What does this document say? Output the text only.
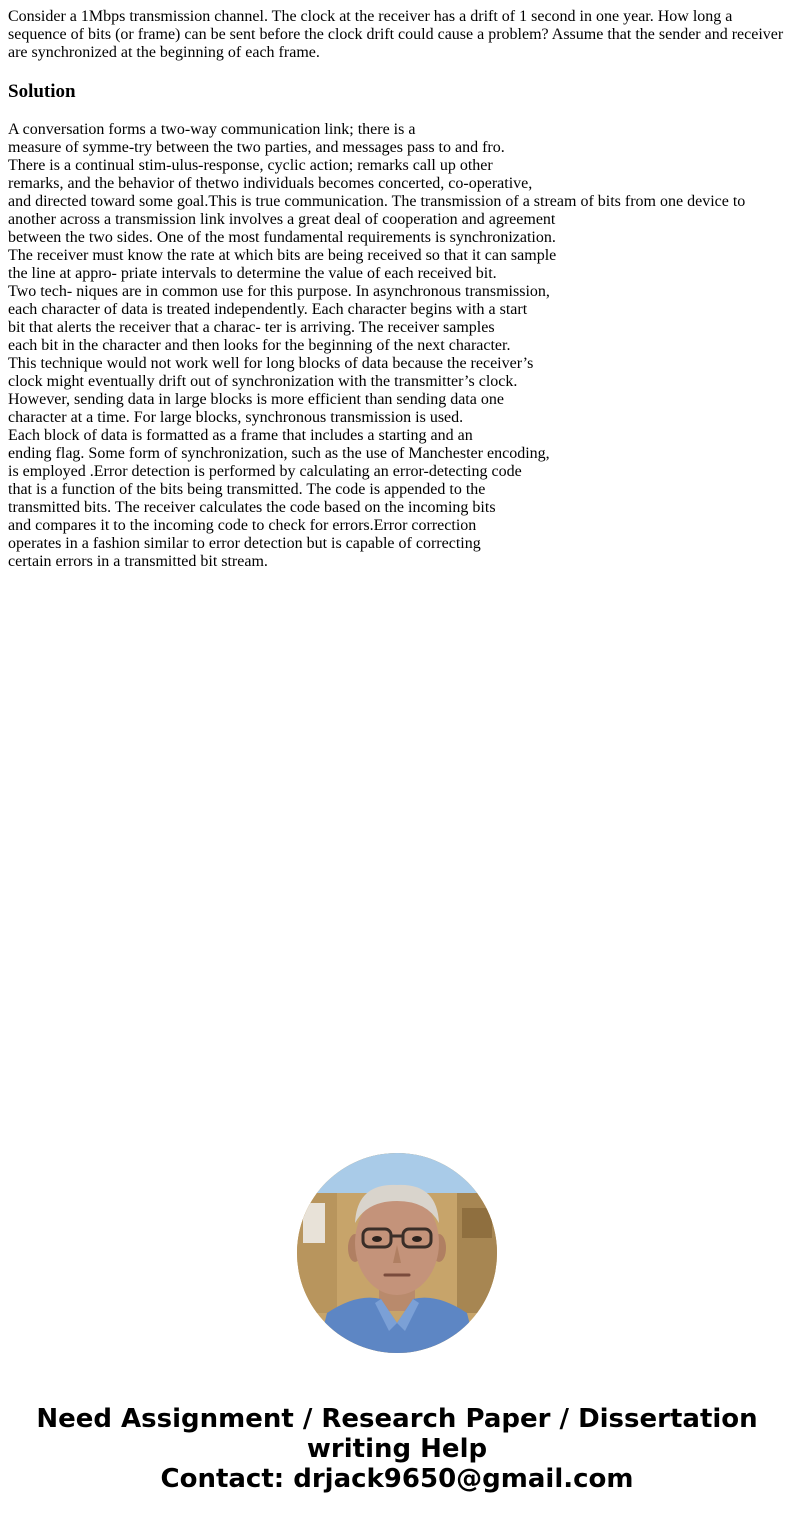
Consider a 1Mbps transmission channel. The clock at the receiver has a drift of 1 second in one year. How long a sequence of bits (or frame) can be sent before the clock drift could cause a problem? Assume that the sender and receiver are synchronized at the beginning of each frame.

Solution
A conversation forms a two-way communication link; there is a
measure of symme-try between the two parties, and messages pass to and fro.
There is a continual stim-ulus-response, cyclic action; remarks call up other
remarks, and the behavior of thetwo individuals becomes concerted, co-operative,
and directed toward some goal.This is true communication. The transmission of a stream of bits from one device to
another across a transmission link involves a great deal of cooperation and agreement
between the two sides. One of the most fundamental requirements is synchronization.
The receiver must know the rate at which bits are being received so that it can sample
the line at appro- priate intervals to determine the value of each received bit.
Two tech- niques are in common use for this purpose. In asynchronous transmission,
each character of data is treated independently. Each character begins with a start
bit that alerts the receiver that a charac- ter is arriving. The receiver samples
each bit in the character and then looks for the beginning of the next character.
This technique would not work well for long blocks of data because the receiver’s
clock might eventually drift out of synchronization with the transmitter’s clock.
However, sending data in large blocks is more efficient than sending data one
character at a time. For large blocks, synchronous transmission is used.
Each block of data is formatted as a frame that includes a starting and an
ending flag. Some form of synchronization, such as the use of Manchester encoding,
is employed .Error detection is performed by calculating an error-detecting code
that is a function of the bits being transmitted. The code is appended to the
transmitted bits. The receiver calculates the code based on the incoming bits
and compares it to the incoming code to check for errors.Error correction
operates in a fashion similar to error detection but is capable of correcting
certain errors in a transmitted bit stream.
Need Assignment / Research Paper / Dissertation
writing Help
Contact: drjack9650@gmail.com
